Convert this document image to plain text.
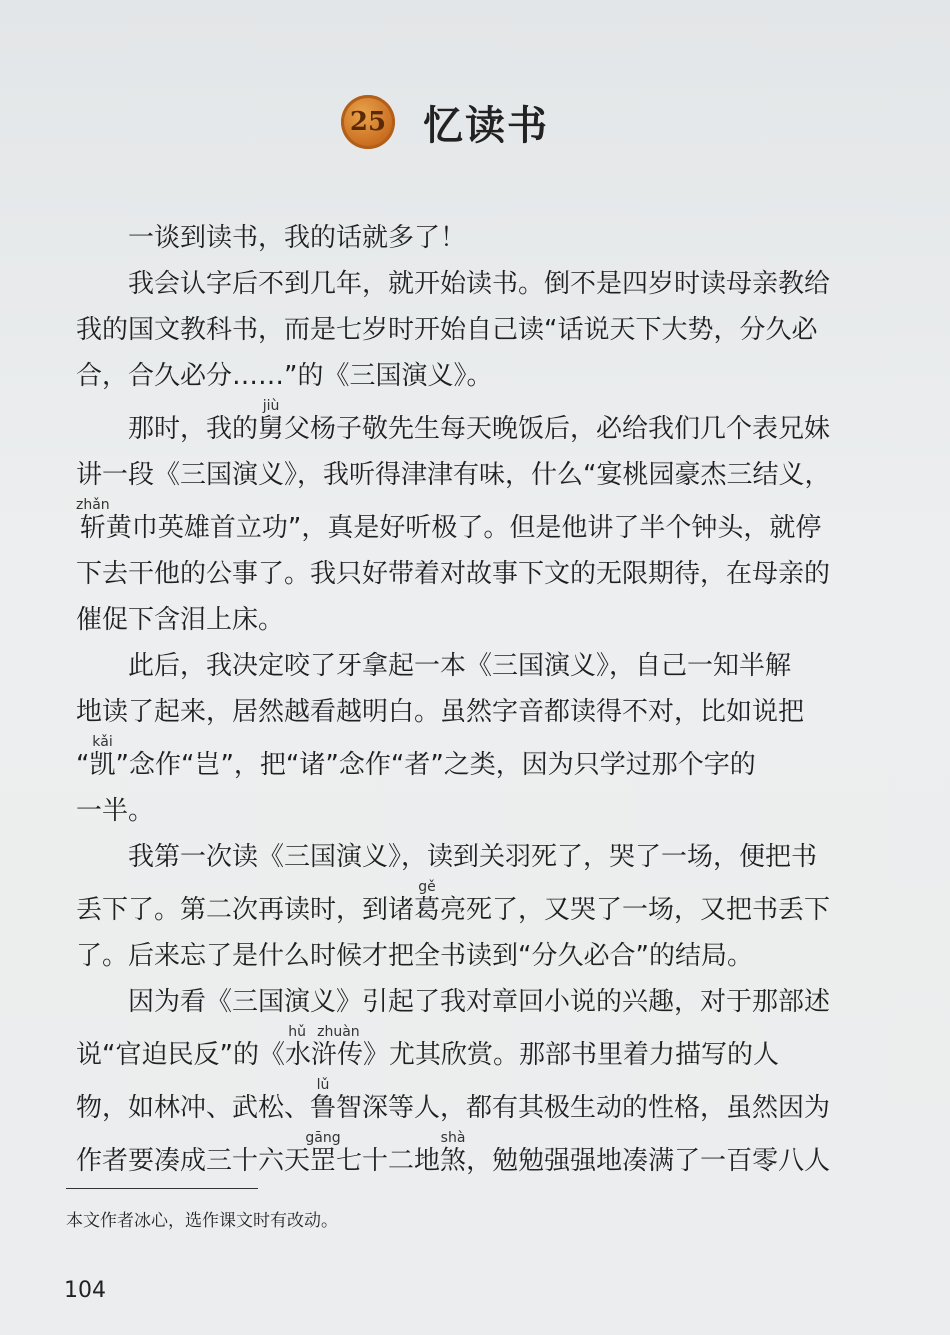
25 忆读书
一谈到读书，我的话就多了！
我会认字后不到几年，就开始读书。倒不是四岁时读母亲教给
我的国文教科书，而是七岁时开始自己读“话说天下大势，分久必
合，合久必分……”的《三国演义》。
那时，我的舅jiù父杨子敬先生每天晚饭后，必给我们几个表兄妹
讲一段《三国演义》，我听得津津有味，什么“宴桃园豪杰三结义，
斩zhǎn黄巾英雄首立功”，真是好听极了。但是他讲了半个钟头，就停
下去干他的公事了。我只好带着对故事下文的无限期待，在母亲的
催促下含泪上床。
此后，我决定咬了牙拿起一本《三国演义》，自己一知半解
地读了起来，居然越看越明白。虽然字音都读得不对，比如说把
“凯kǎi”念作“岂”，把“诸”念作“者”之类，因为只学过那个字的
一半。
我第一次读《三国演义》，读到关羽死了，哭了一场，便把书
丢下了。第二次再读时，到诸葛gě亮死了，又哭了一场，又把书丢下
了。后来忘了是什么时候才把全书读到“分久必合”的结局。
因为看《三国演义》引起了我对章回小说的兴趣，对于那部述
说“官迫民反”的《水浒传hǔ zhuàn》尤其欣赏。那部书里着力描写的人
物，如林冲、武松、鲁lǔ智深等人，都有其极生动的性格，虽然因为
作者要凑成三十六天罡gāng七十二地煞shà，勉勉强强地凑满了一百零八人
本文作者冰心，选作课文时有改动。
104
